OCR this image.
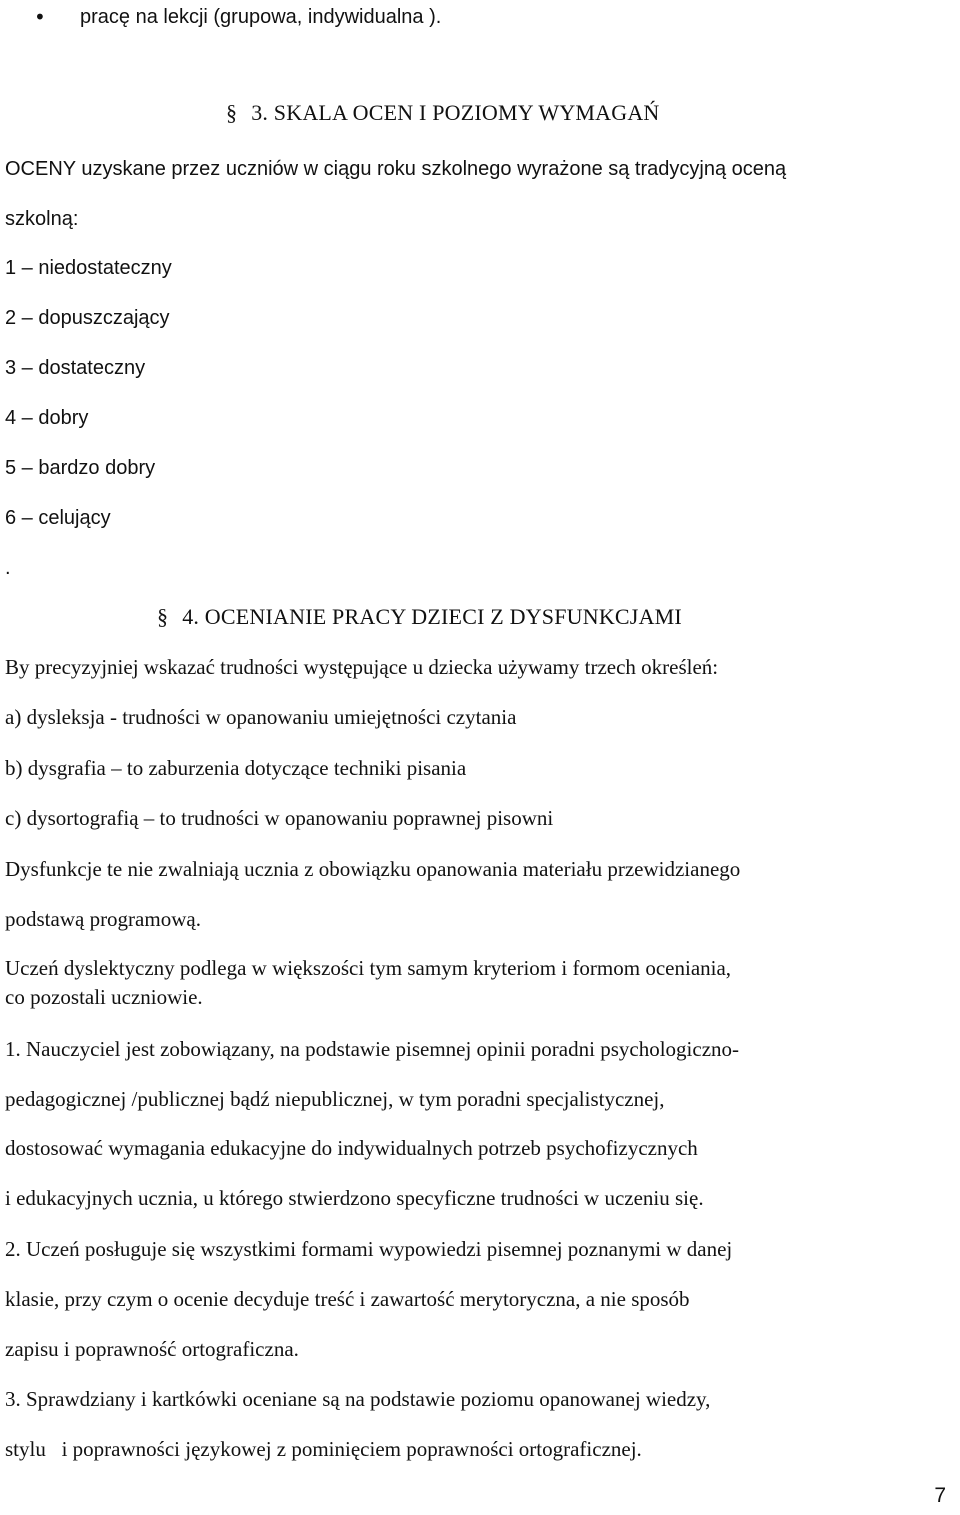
• pracę na lekcji (grupowa, indywidualna ).
§ 3. SKALA OCEN I POZIOMY WYMAGAŃ
OCENY uzyskane przez uczniów w ciągu roku szkolnego wyrażone są tradycyjną oceną
szkolną:
1 – niedostateczny
2 – dopuszczający
3 – dostateczny
4 – dobry
5 – bardzo dobry
6 – celujący
.
§ 4. OCENIANIE PRACY DZIECI Z DYSFUNKCJAMI
By precyzyjniej wskazać trudności występujące u dziecka używamy trzech określeń:
a) dysleksja - trudności w opanowaniu umiejętności czytania
b) dysgrafia – to zaburzenia dotyczące techniki pisania
c) dysortografią – to trudności w opanowaniu poprawnej pisowni
Dysfunkcje te nie zwalniają ucznia z obowiązku opanowania materiału przewidzianego
podstawą programową.
Uczeń dyslektyczny podlega w większości tym samym kryteriom i formom oceniania,
co pozostali uczniowie.
1. Nauczyciel jest zobowiązany, na podstawie pisemnej opinii poradni psychologiczno-
pedagogicznej /publicznej bądź niepublicznej, w tym poradni specjalistycznej,
dostosować wymagania edukacyjne do indywidualnych potrzeb psychofizycznych
i edukacyjnych ucznia, u którego stwierdzono specyficzne trudności w uczeniu się.
2. Uczeń posługuje się wszystkimi formami wypowiedzi pisemnej poznanymi w danej
klasie, przy czym o ocenie decyduje treść i zawartość merytoryczna, a nie sposób
zapisu i poprawność ortograficzna.
3. Sprawdziany i kartkówki oceniane są na podstawie poziomu opanowanej wiedzy,
stylu   i poprawności językowej z pominięciem poprawności ortograficznej.
7
